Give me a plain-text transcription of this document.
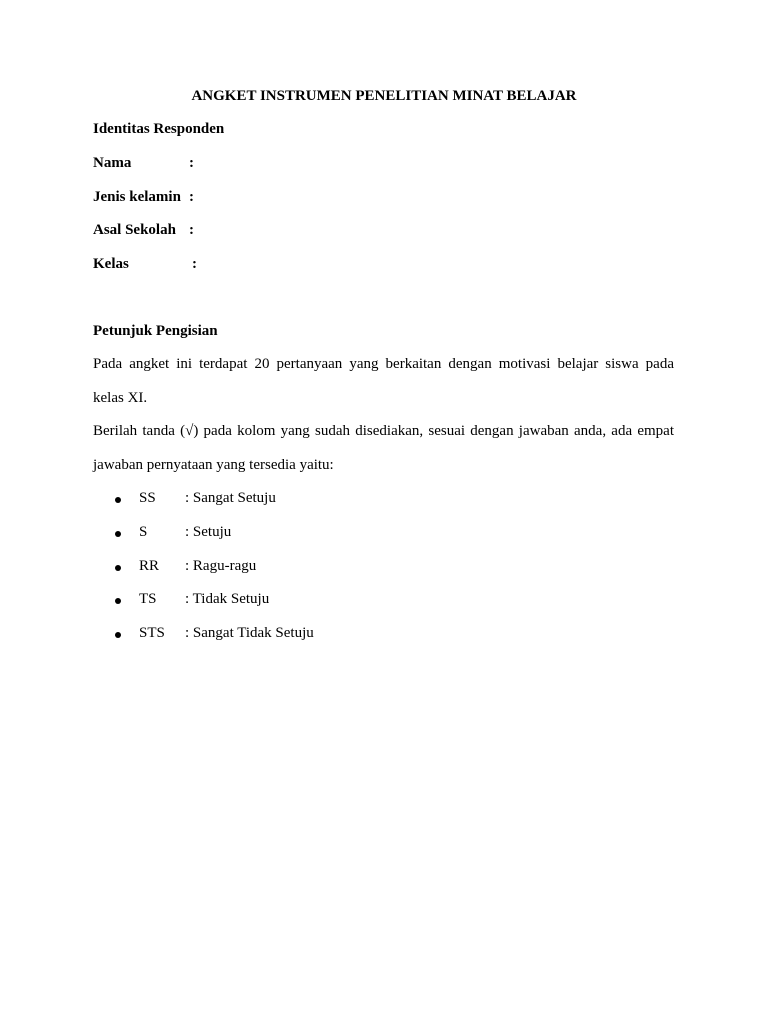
ANGKET INSTRUMEN PENELITIAN MINAT BELAJAR
Identitas Responden
Nama	:
Jenis kelamin :
Asal Sekolah :
Kelas	:
Petunjuk Pengisian
Pada angket ini terdapat 20 pertanyaan yang berkaitan dengan motivasi belajar siswa pada
kelas XI.
Berilah tanda (√) pada kolom yang sudah disediakan, sesuai dengan jawaban anda, ada empat
jawaban pernyataan yang tersedia yaitu:
SS : Sangat Setuju
S	: Setuju
RR : Ragu-ragu
TS : Tidak Setuju
STS : Sangat Tidak Setuju
